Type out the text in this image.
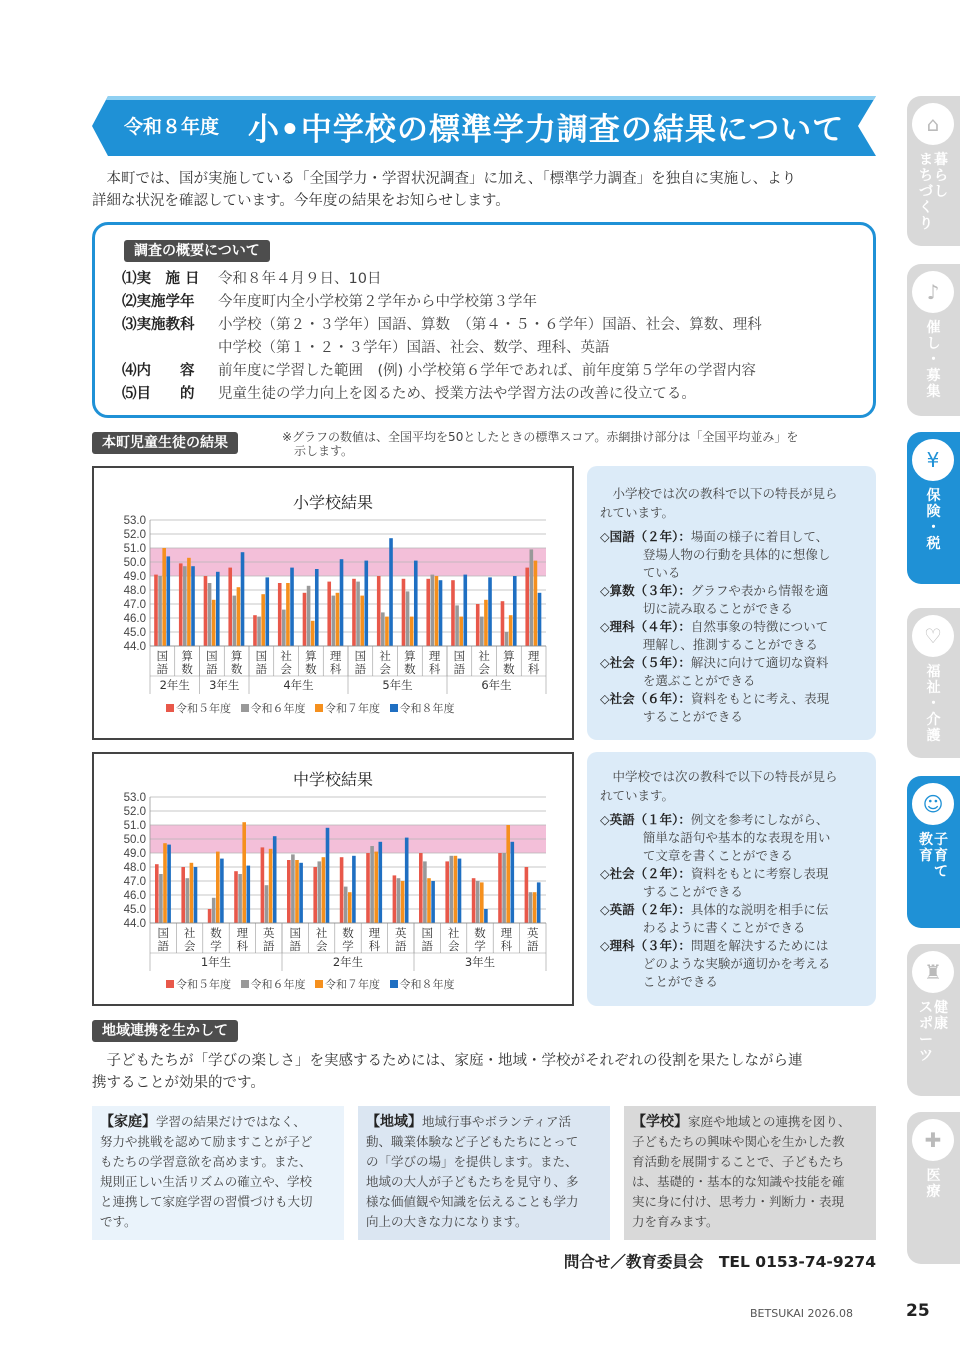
令和８年度 小•中学校の標準学力調査の結果について
本町では、国が実施している「全国学力・学習状況調査」に加え、「標準学力調査」を独自に実施し、より
詳細な状況を確認しています。今年度の結果をお知らせします。
調査の概要について
⑴実　施 日 令和８年４月９日、10日
⑵実施学年 今年度町内全小学校第２学年から中学校第３学年
⑶実施教科 小学校（第２・３学年）国語、算数　（第４・５・６学年）国語、社会、算数、理科
中学校（第１・２・３学年）国語、社会、数学、理科、英語
⑷内　　容 前年度に学習した範囲　(例) 小学校第６学年であれば、前年度第５学年の学習内容
⑸目　　的 児童生徒の学力向上を図るため、授業方法や学習方法の改善に役立てる。
本町児童生徒の結果	※グラフの数値は、全国平均を50としたときの標準スコア。赤網掛け部分は「全国平均並み」を
示します。
小学校結果
53.0
52.0
51.0
50.0
49.0
48.0
47.0
46.0
45.0
44.0
国
語
算
数
国
語
算
数
国
語
社
会
算
数
理
科
国
語
社
会
算
数
理
科
国
語
社
会
算
数
理
科
2年生 3年生	4年生	5年生	6年生
令和５年度 令和６年度 令和７年度 令和８年度
中学校結果
53.0
52.0
51.0
50.0
49.0
48.0
47.0
46.0
45.0
44.0
国
語
社
会
数
学
理
科
英
語
国
語
社
会
数
学
理
科
英
語
国
語
社
会
数
学
理
科
英
語
1年生	2年生	3年生
令和５年度 令和６年度 令和７年度 令和８年度
小学校では次の教科で以下の特長が見ら
れています。
◇国語（２年）： 場面の様子に着目して、
登場人物の行動を具体的に想像し
ている
◇算数（３年）： グラフや表から情報を適
切に読み取ることができる
◇理科（４年）： 自然事象の特徴について
理解し、推測することができる
◇社会（５年）： 解決に向けて適切な資料
を選ぶことができる
◇社会（６年）： 資料をもとに考え、表現
することができる
中学校では次の教科で以下の特長が見ら
れています。
◇英語（１年）： 例文を参考にしながら、
簡単な語句や基本的な表現を用い
て文章を書くことができる
◇社会（２年）： 資料をもとに考察し表現
することができる
◇英語（２年）： 具体的な説明を相手に伝
わるように書くことができる
◇理科（３年）： 問題を解決するためには
どのような実験が適切かを考える
ことができる
地域連携を生かして
子どもたちが「学びの楽しさ」を実感するためには、家庭・地域・学校がそれぞれの役割を果たしながら連
携することが効果的です。
【家庭】学習の結果だけではなく、
努力や挑戦を認めて励ますことが子ど
もたちの学習意欲を高めます。また、
規則正しい生活リズムの確立や、学校
と連携して家庭学習の習慣づけも大切
です。
【地域】地域行事やボランティア活
動、職業体験など子どもたちにとって
の「学びの場」を提供します。また、
地域の大人が子どもたちを見守り、多
様な価値観や知識を伝えることも学力
向上の大きな力になります。
【学校】家庭や地域との連携を図り、
子どもたちの興味や関心を生かした教
育活動を展開することで、子どもたち
は、基礎的・基本的な知識や技能を確
実に身に付け、思考力・判断力・表現
力を育みます。
問合せ／教育委員会　TEL 0153-74-9274
BETSUKAI 2026.08	25
⌂
ま
ち
づ
く
り
暮
ら
し
♪
催
し
・
募
集
¥
保
険
・
税
♡
福
祉
・
介
護
☺
教
育
子
育
て
♜
ス
ポ
ー
ツ
健
康
✚
医
療
